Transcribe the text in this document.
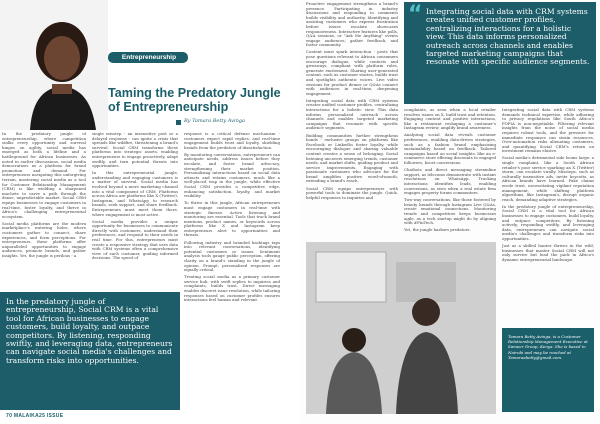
Entrepreneurship
Taming the Predatory Jungle of Entrepreneurship
By Tamara Betty Avinga

In the predatory jungle of entrepreneurship, where competition stalks every opportunity and survival hinges on agility, social media has emerged as both a lifeline and a battleground for African businesses. As noted in earlier discussions, social media democratizes as a platform for brand promotion and demand. For entrepreneurs navigating this unforgiving terrain, mastering social media as a tool for Customer Relationship Management (CRM) is like wielding a sharpened machete to carve a path through the dense, unpredictable market. Social CRM equips businesses to engage customers in real-time, foster loyalty, and thrive in Africa's challenging entrepreneurial ecosystem.

Social media platforms are the modern marketplace's watering holes, where customers gather to connect, share experiences, and form perceptions. For entrepreneurs, these platforms offer unparalleled opportunities to engage audiences, promote brands, and gather insights. Yet, the jungle is perilous - a

single misstep - an insensitive post or a delayed response - can ignite a crisis that spreads like wildfire, threatening a brand's survival. Social CRM transforms these platforms into strategic assets, enabling entrepreneurs to engage proactively, adapt swiftly, and turn potential threats into opportunities.

In this entrepreneurial jungle, understanding and engaging customers is a matter of survival. Social media has evolved beyond a mere marketing channel into a vital component of CRM. Platforms across Africa are platforms like X (Twitter), Instagram, and WhatsApp to research brands, seek support, and share feedback. Entrepreneurs must meet them there, where engagement is most active.

Social media provides a unique opportunity for businesses to communicate directly with customers, understand their preferences, and respond to their needs in real time. For this, entrepreneurs must create a responsive strategy that uses data with CRM systems often a comprehensive view of each customer, guiding informed decisions. The speed of

response is a critical defense mechanism - customers expect rapid replies, and real-time engagement builds trust and loyalty, shielding brands from the predators of dissatisfaction.

By monitoring conversations, entrepreneurs can anticipate needs, address issues before they escalate, and foster brand advocacy, strengthening their market position. Personalizing interactions based on social data attracts and retains customers, much like a well-placed trap in the jungle, while effective Social CRM provides a competitive edge, enhancing satisfaction, loyalty, and market visibility.

To thrive in this jungle, African entrepreneurs must engage customers in real-time with strategic finesse. Active listening and monitoring are essential. Tools that track brand mentions, product names, or keywords across platforms like X and Instagram keep entrepreneurs alert to opportunities and threats.

Following industry and branded hashtags taps into relevant conversations, identifying potential customers or issues. Sentiment analysis tools gauge public perception, offering clarity on a brand's standing in the jungle of opinion. Prompt, personalized responses are equally critical.

Treating social media as a primary customer service hub, with swift replies to inquiries and complaints, builds trust. Direct messaging enables discreet issue resolution, while tailoring responses based on customer profiles ensures interactions feel human and relevant.

In the predatory jungle of entrepreneurship, Social CRM is a vital tool for African businesses to engage customers, build loyalty, and outpace competitors. By listening, responding swiftly, and leveraging data, entrepreneurs can navigate social media's challenges and transform risks into opportunities.
70 MALAIKA25 ISSUE

Proactive engagement strengthens a brand's presence. Participating in industry discussions and responding to comments builds visibility and authority. Identifying and assisting customers who express frustration before issues escalate showcases responsiveness. Interactive features like polls, Q&A sessions, or "Ask Me Anything" events engage audiences, gather feedback, and foster community.

Content must spark interaction - posts that pose questions relevant to African consumers encourage dialogue, while contests and giveaways, compliant with platform rules, generate excitement. Sharing user-generated content, such as customer stories, builds trust and spotlights authentic voices. Live video sessions for product demos or Q&As connect with audiences in real-time, deepening engagement.

Integrating social data with CRM systems creates unified customer profiles, centralizing interactions for a holistic view. This data informs personalized outreach across channels and enables targeted marketing campaigns that resonate with specific audience segments.

Building communities further strengthens bonds - exclusive groups on platforms like Facebook or LinkedIn foster loyalty, while encouraging dialogue and sharing valuable content creates a sense of belonging. Social listening uncovers emerging trends, customer needs, and market shifts, guiding product and service improvements. Engaging with passionate customers who advocate for the brand amplifies positive word-of-mouth, extending a brand's reach.

Social CRM equips entrepreneurs with powerful tools to dominate the jungle. Quick, helpful responses to inquiries and

“ Integrating social data with CRM systems creates unified customer profiles, centralizing interactions for a holistic view. This data informs personalized outreach across channels and enables targeted marketing campaigns that resonate with specific audience segments.

complaints, as seen when a local retailer resolves issues on X, build trust and retention. Engaging content and positive interactions, like a restaurant reshaping a customer's Instagram review, amplify brand awareness.

Analyzing social data reveals customer preferences, enabling data-driven strategies, such as a fashion brand emphasizing sustainability based on feedback. Tailored campaigns based on social insights, like an e-commerce store offering discounts to engaged followers, boost conversions.

Chatbots and direct messaging streamline support, as telecoms demonstrate with instant resolutions on WhatsApp. Tracking interactions identifies leads, enabling conversions, as seen when a real estate firm engages property forum commenters.

Two-way conversations, like those fostered by beauty brands through Instagram Live Q&As, create emotional connections. Monitoring trends and competitors keeps businesses agile, as a tech startup might do by aligning with #FinTech.

Yet, the jungle harbors predators.

Integrating social data with CRM systems demands technical expertise, while adhering to privacy regulations like South Africa's POPIA is non-negotiable. Filtering relevant insights from the noise of social media requires robust tools, and the pressure for immediate responses can strain resources. Over-automation risks alienating customers, and quantifying Social CRM's return on investment remains elusive.

Social media's detrimental side looms large: a single complaint, like a South African retailer's poor service sparking an X (Twitter) storm, can escalate virally. Missteps, such as culturally insensitive ads, invite boycotts, as African brands have learned. Fake claims erode trust, necessitating vigilant reputation management, while shifting platform algorithms, like Instagram's, disrupt organic reach, demanding adaptive strategies.

In the predatory jungle of entrepreneurship, Social CRM is a vital tool for African businesses to engage customers, build loyalty, and outpace competitors. By listening actively, responding swiftly, and leveraging data, entrepreneurs can navigate social media's challenges and transform risks into opportunities.

Just as a skilled hunter thrives in the wild, businesses that master Social CRM will not only survive but lead the pack in Africa's dynamic entrepreneurial landscape.

Tamara Betty Avinga, is a Customer Relationship Management Executive at Sameer Group, Kenya. She is based in Nairobi and may be reached at Tamaraabetty@gmail.com.
